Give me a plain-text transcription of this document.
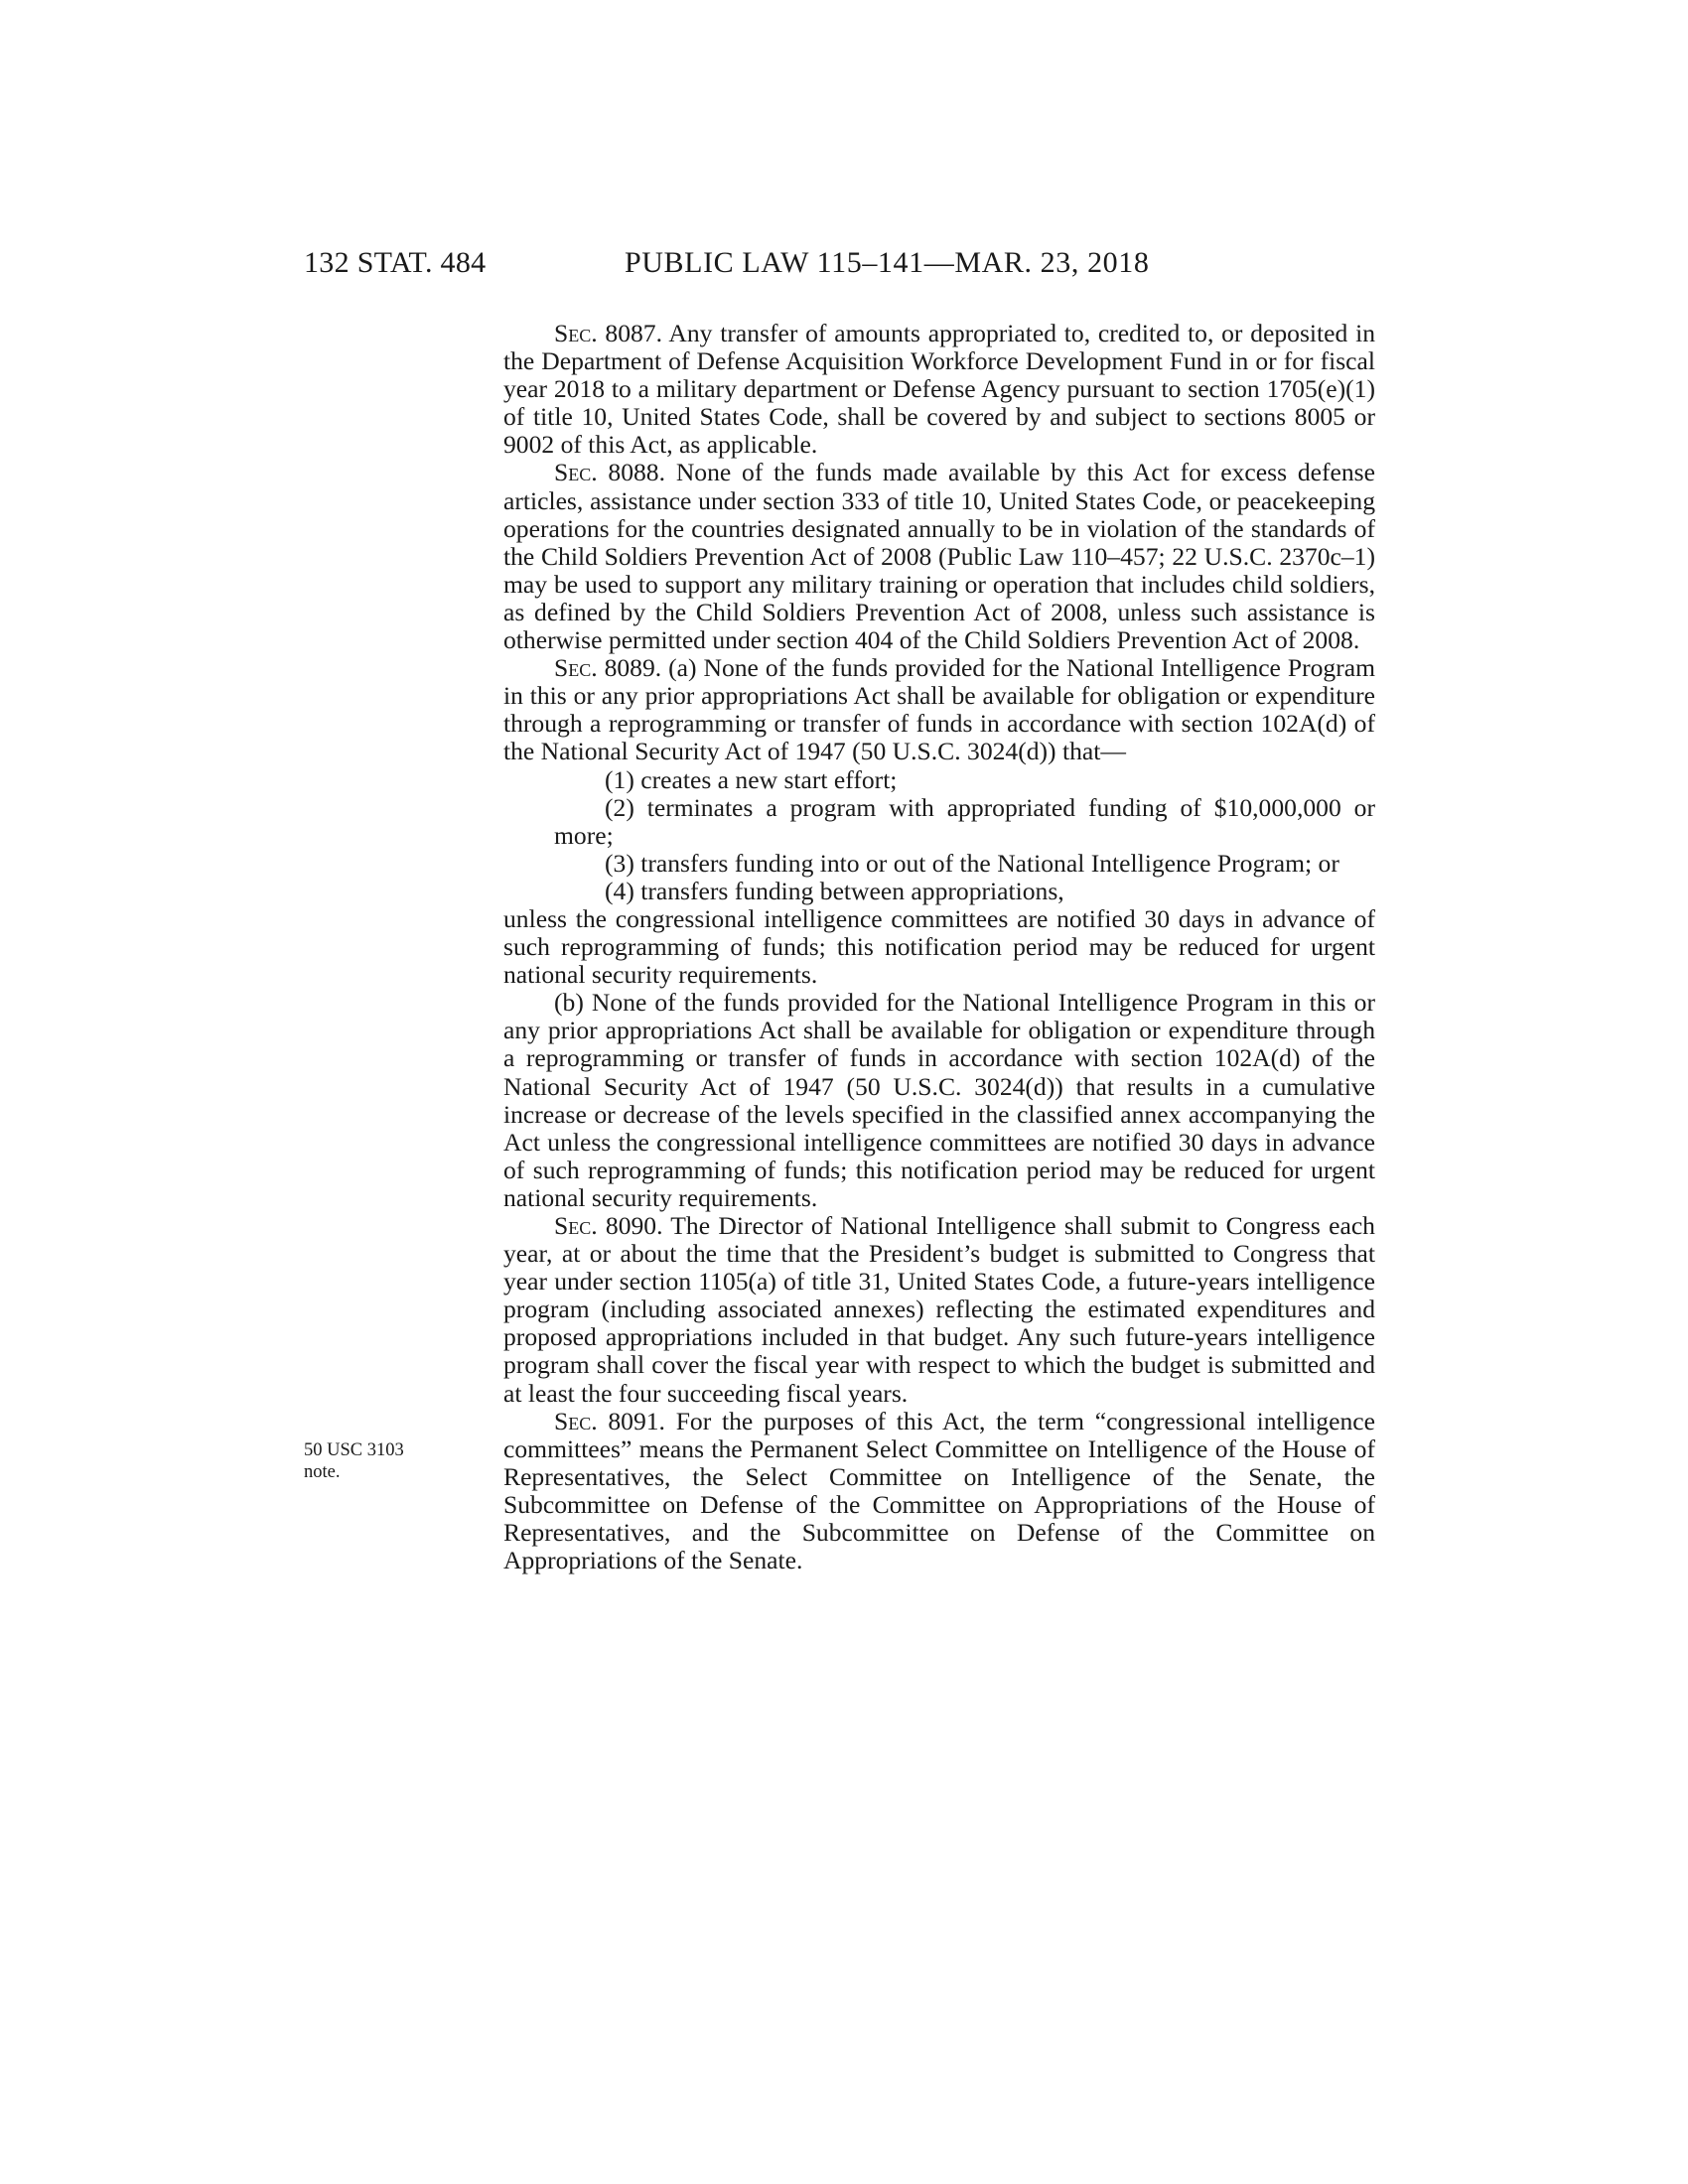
132 STAT. 484	PUBLIC LAW 115–141—MAR. 23, 2018
50 USC 3103
note.

Sec. 8087. Any transfer of amounts appropriated to, credited to, or deposited in the Department of Defense Acquisition Workforce Development Fund in or for fiscal year 2018 to a military department or Defense Agency pursuant to section 1705(e)(1) of title 10, United States Code, shall be covered by and subject to sections 8005 or 9002 of this Act, as applicable.

Sec. 8088. None of the funds made available by this Act for excess defense articles, assistance under section 333 of title 10, United States Code, or peacekeeping operations for the countries designated annually to be in violation of the standards of the Child Soldiers Prevention Act of 2008 (Public Law 110–457; 22 U.S.C. 2370c–1) may be used to support any military training or operation that includes child soldiers, as defined by the Child Soldiers Prevention Act of 2008, unless such assistance is otherwise permitted under section 404 of the Child Soldiers Prevention Act of 2008.

Sec. 8089. (a) None of the funds provided for the National Intelligence Program in this or any prior appropriations Act shall be available for obligation or expenditure through a reprogramming or transfer of funds in accordance with section 102A(d) of the National Security Act of 1947 (50 U.S.C. 3024(d)) that—

(1) creates a new start effort;

(2) terminates a program with appropriated funding of $10,000,000 or more;

(3) transfers funding into or out of the National Intelligence Program; or

(4) transfers funding between appropriations,

unless the congressional intelligence committees are notified 30 days in advance of such reprogramming of funds; this notification period may be reduced for urgent national security requirements.

(b) None of the funds provided for the National Intelligence Program in this or any prior appropriations Act shall be available for obligation or expenditure through a reprogramming or transfer of funds in accordance with section 102A(d) of the National Security Act of 1947 (50 U.S.C. 3024(d)) that results in a cumulative increase or decrease of the levels specified in the classified annex accompanying the Act unless the congressional intelligence committees are notified 30 days in advance of such reprogramming of funds; this notification period may be reduced for urgent national security requirements.

Sec. 8090. The Director of National Intelligence shall submit to Congress each year, at or about the time that the President’s budget is submitted to Congress that year under section 1105(a) of title 31, United States Code, a future-years intelligence program (including associated annexes) reflecting the estimated expenditures and proposed appropriations included in that budget. Any such future-years intelligence program shall cover the fiscal year with respect to which the budget is submitted and at least the four succeeding fiscal years.

Sec. 8091. For the purposes of this Act, the term “congressional intelligence committees” means the Permanent Select Committee on Intelligence of the House of Representatives, the Select Committee on Intelligence of the Senate, the Subcommittee on Defense of the Committee on Appropriations of the House of Representatives, and the Subcommittee on Defense of the Committee on Appropriations of the Senate.
